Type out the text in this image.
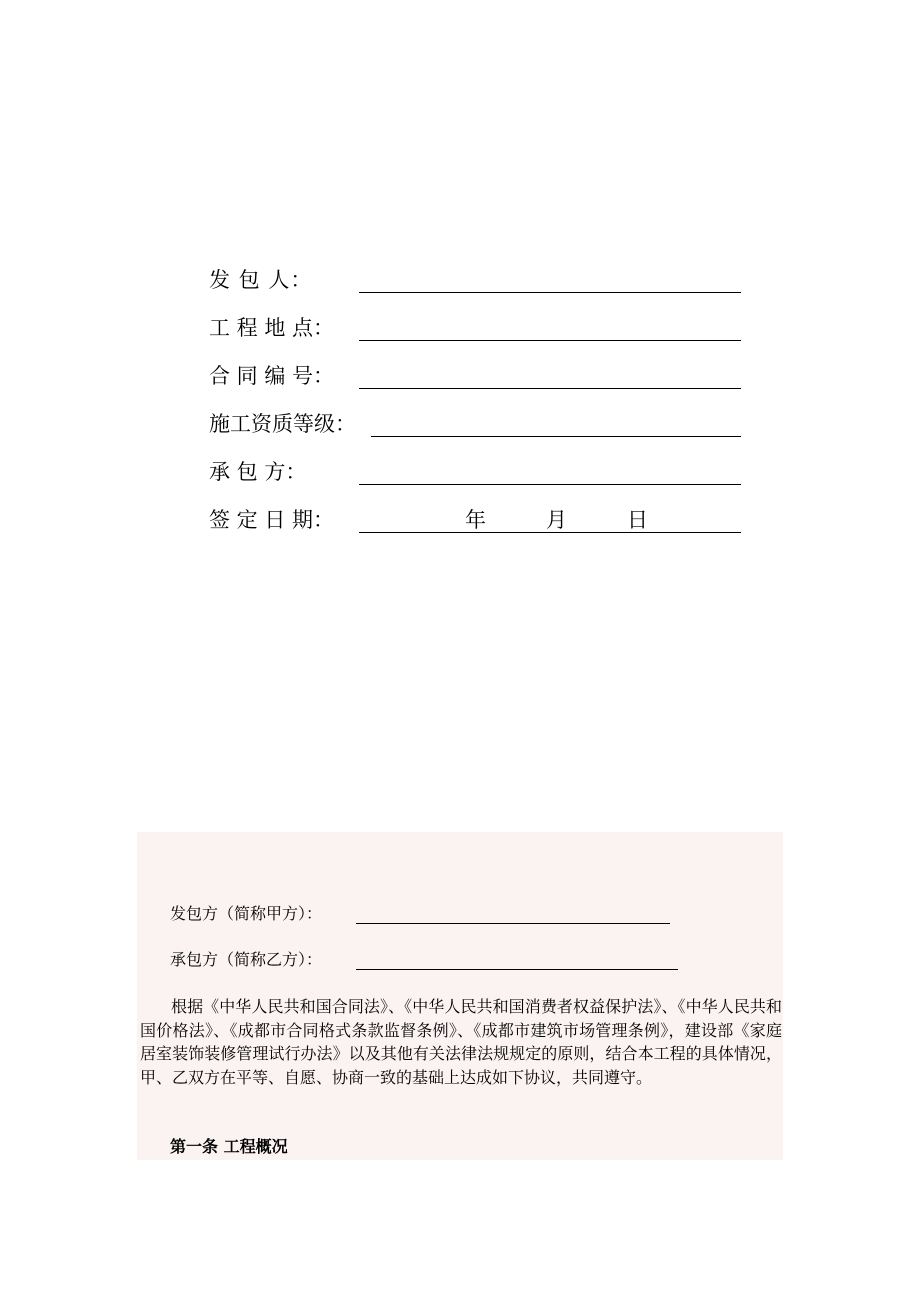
发 包 人：
工 程 地 点：
合 同 编 号：
施工资质等级：
承 包 方：
签 定 日 期：	年	月	日
发包方（简称甲方）：
承包方（简称乙方）：

根据《中华人民共和国合同法》、《中华人民共和国消费者权益保护法》、《中华人民共和国价格法》、《成都市合同格式条款监督条例》、《成都市建筑市场管理条例》，建设部《家庭居室装饰装修管理试行办法》以及其他有关法律法规规定的原则，结合本工程的具体情况，甲、乙双方在平等、自愿、协商一致的基础上达成如下协议，共同遵守。

第一条 工程概况
